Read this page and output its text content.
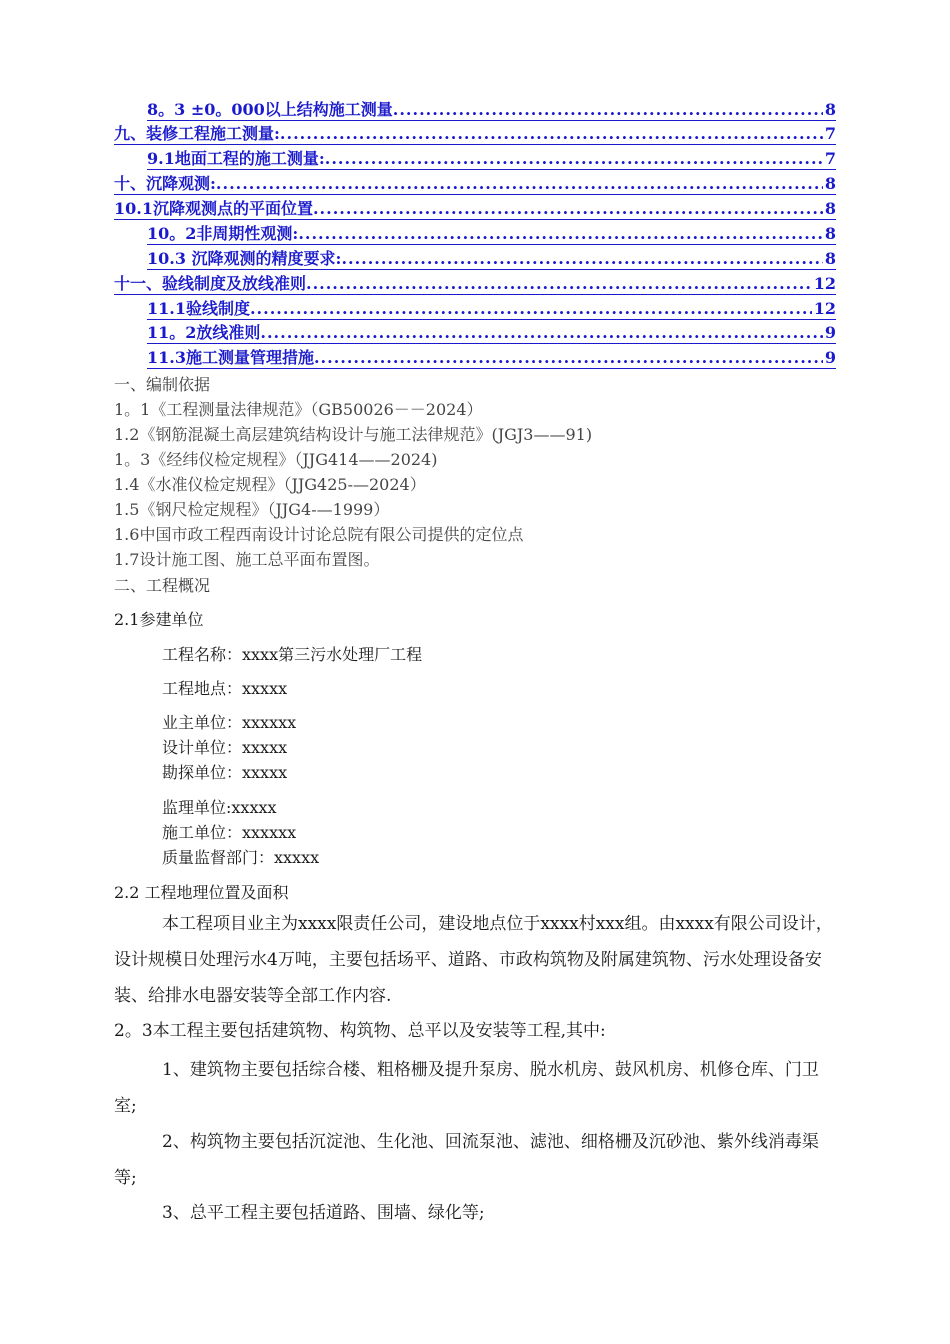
8。3 ±0。000以上结构施工测量 .....	8
九、装修工程施工测量: .....	7
9.1地面工程的施工测量: .....	7
十、沉降观测: .....	8
10.1沉降观测点的平面位置 .....	8
10。2非周期性观测: .....	8
10.3 沉降观测的精度要求: .....	8
十一、验线制度及放线准则 .....	12
11.1验线制度 .....	12
11。2放线准则 .....	9
11.3施工测量管理措施 .....	9
一、编制依据
1。1《工程测量法律规范》（GB50026－－2024）
1.2《钢筋混凝土高层建筑结构设计与施工法律规范》(JGJ3——91)
1。3《经纬仪检定规程》（JJG414——2024)
1.4《水准仪检定规程》（JJG425-—2024）
1.5《钢尺检定规程》（JJG4-—1999）
1.6中国市政工程西南设计讨论总院有限公司提供的定位点
1.7设计施工图、施工总平面布置图。
二、工程概况
2.1参建单位
工程名称：xxxx第三污水处理厂工程
工程地点：xxxxx
业主单位：xxxxxx
设计单位：xxxxx
勘探单位：xxxxx
监理单位:xxxxx
施工单位：xxxxxx
质量监督部门：xxxxx
2.2 工程地理位置及面积
本工程项目业主为xxxx限责任公司，建设地点位于xxxx村xxx组。由xxxx有限公司设计，设计规模日处理污水4万吨，主要包括场平、道路、市政构筑物及附属建筑物、污水处理设备安装、给排水电器安装等全部工作内容.
2。3本工程主要包括建筑物、构筑物、总平以及安装等工程,其中:
1、建筑物主要包括综合楼、粗格栅及提升泵房、脱水机房、鼓风机房、机修仓库、门卫室;
2、构筑物主要包括沉淀池、生化池、回流泵池、滤池、细格栅及沉砂池、紫外线消毒渠等;
3、总平工程主要包括道路、围墙、绿化等;
